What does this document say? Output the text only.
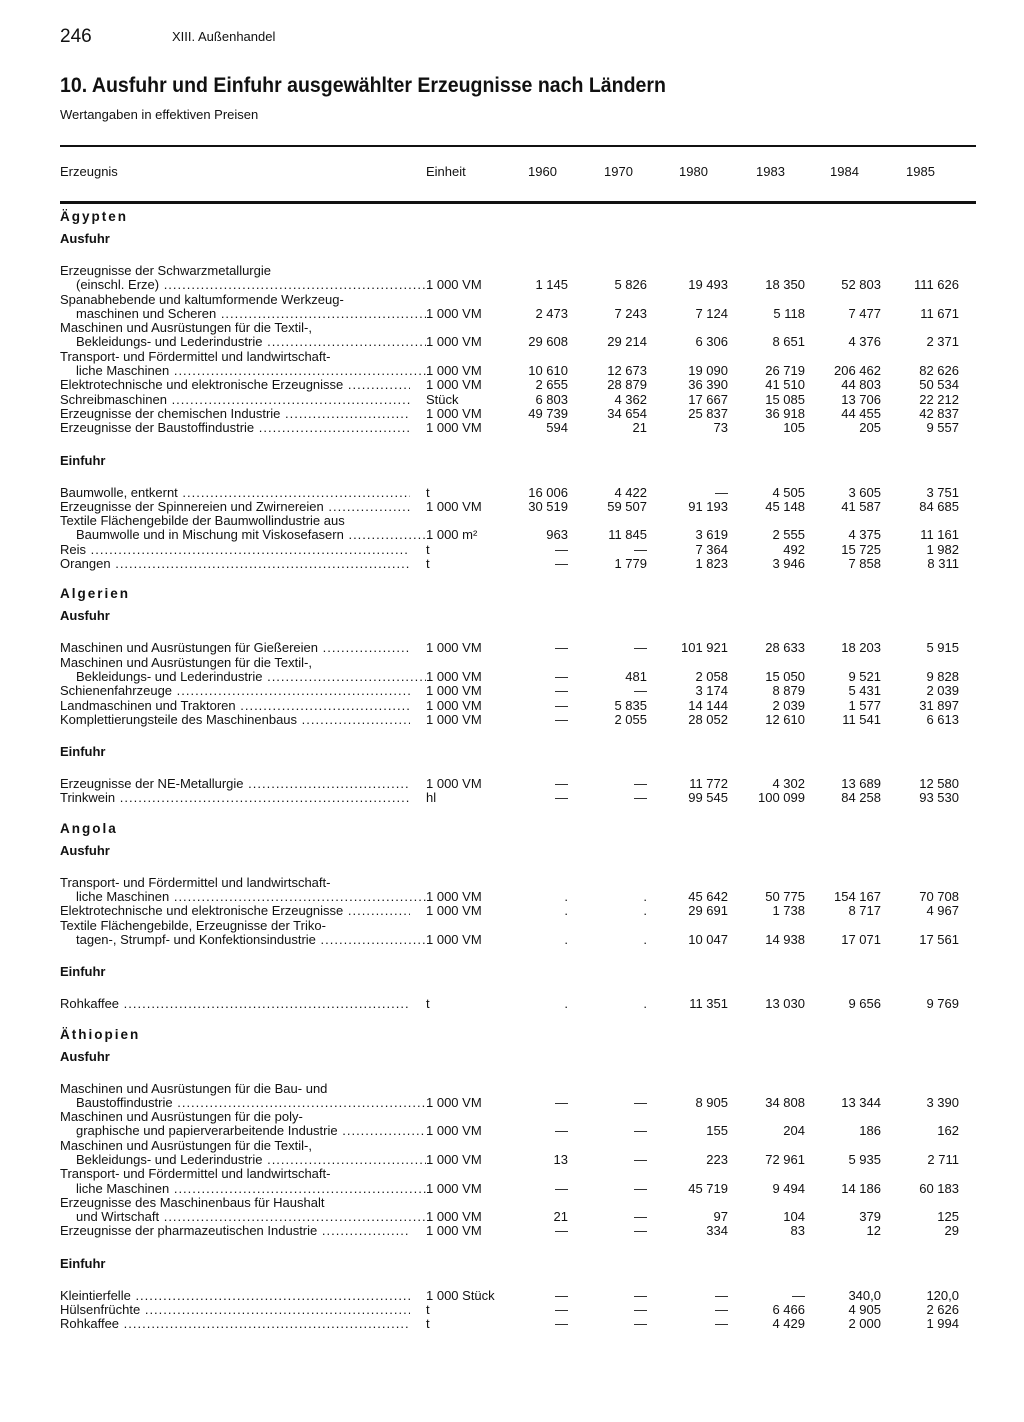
246	XIII. Außenhandel
10. Ausfuhr und Einfuhr ausgewählter Erzeugnisse nach Ländern
Wertangaben in effektiven Preisen
Erzeugnis	Einheit	1960	1970	1980	1983	1984	1985
Ägypten
Ausfuhr
Erzeugnisse der Schwarzmetallurgie
(einschl. Erze) .....	1 000 VM	1 145	5 826	19 493	18 350	52 803	111 626
Spanabhebende und kaltumformende Werkzeug-
maschinen und Scheren .....	1 000 VM	2 473	7 243	7 124	5 118	7 477	11 671
Maschinen und Ausrüstungen für die Textil-,
Bekleidungs- und Lederindustrie .....	1 000 VM	29 608	29 214	6 306	8 651	4 376	2 371
Transport- und Fördermittel und landwirtschaft-
liche Maschinen .....	1 000 VM	10 610	12 673	19 090	26 719	206 462	82 626
Elektrotechnische und elektronische Erzeugnisse .....	1 000 VM	2 655	28 879	36 390	41 510	44 803	50 534
Schreibmaschinen .....	Stück	6 803	4 362	17 667	15 085	13 706	22 212
Erzeugnisse der chemischen Industrie .....	1 000 VM	49 739	34 654	25 837	36 918	44 455	42 837
Erzeugnisse der Baustoffindustrie .....	1 000 VM	594	21	73	105	205	9 557
Einfuhr
Baumwolle, entkernt .....	t	16 006	4 422	—	4 505	3 605	3 751
Erzeugnisse der Spinnereien und Zwirnereien .....	1 000 VM	30 519	59 507	91 193	45 148	41 587	84 685
Textile Flächengebilde der Baumwollindustrie aus
Baumwolle und in Mischung mit Viskosefasern .....	1 000 m²	963	11 845	3 619	2 555	4 375	11 161
Reis .....	t	—	—	7 364	492	15 725	1 982
Orangen .....	t	—	1 779	1 823	3 946	7 858	8 311
Algerien
Ausfuhr
Maschinen und Ausrüstungen für Gießereien .....	1 000 VM	—	—	101 921	28 633	18 203	5 915
Maschinen und Ausrüstungen für die Textil-,
Bekleidungs- und Lederindustrie .....	1 000 VM	—	481	2 058	15 050	9 521	9 828
Schienenfahrzeuge .....	1 000 VM	—	—	3 174	8 879	5 431	2 039
Landmaschinen und Traktoren .....	1 000 VM	—	5 835	14 144	2 039	1 577	31 897
Komplettierungsteile des Maschinenbaus .....	1 000 VM	—	2 055	28 052	12 610	11 541	6 613
Einfuhr
Erzeugnisse der NE-Metallurgie .....	1 000 VM	—	—	11 772	4 302	13 689	12 580
Trinkwein .....	hl	—	—	99 545	100 099	84 258	93 530
Angola
Ausfuhr
Transport- und Fördermittel und landwirtschaft-
liche Maschinen .....	1 000 VM	.	.	45 642	50 775	154 167	70 708
Elektrotechnische und elektronische Erzeugnisse .....	1 000 VM	.	.	29 691	1 738	8 717	4 967
Textile Flächengebilde, Erzeugnisse der Triko-
tagen-, Strumpf- und Konfektionsindustrie .....	1 000 VM	.	.	10 047	14 938	17 071	17 561
Einfuhr
Rohkaffee .....	t	.	.	11 351	13 030	9 656	9 769
Äthiopien
Ausfuhr
Maschinen und Ausrüstungen für die Bau- und
Baustoffindustrie .....	1 000 VM	—	—	8 905	34 808	13 344	3 390
Maschinen und Ausrüstungen für die poly-
graphische und papierverarbeitende Industrie .....	1 000 VM	—	—	155	204	186	162
Maschinen und Ausrüstungen für die Textil-,
Bekleidungs- und Lederindustrie .....	1 000 VM	13	—	223	72 961	5 935	2 711
Transport- und Fördermittel und landwirtschaft-
liche Maschinen .....	1 000 VM	—	—	45 719	9 494	14 186	60 183
Erzeugnisse des Maschinenbaus für Haushalt
und Wirtschaft .....	1 000 VM	21	—	97	104	379	125
Erzeugnisse der pharmazeutischen Industrie .....	1 000 VM	—	—	334	83	12	29
Einfuhr
Kleintierfelle .....	1 000 Stück	—	—	—	—	340,0	120,0
Hülsenfrüchte .....	t	—	—	—	6 466	4 905	2 626
Rohkaffee .....	t	—	—	—	4 429	2 000	1 994
